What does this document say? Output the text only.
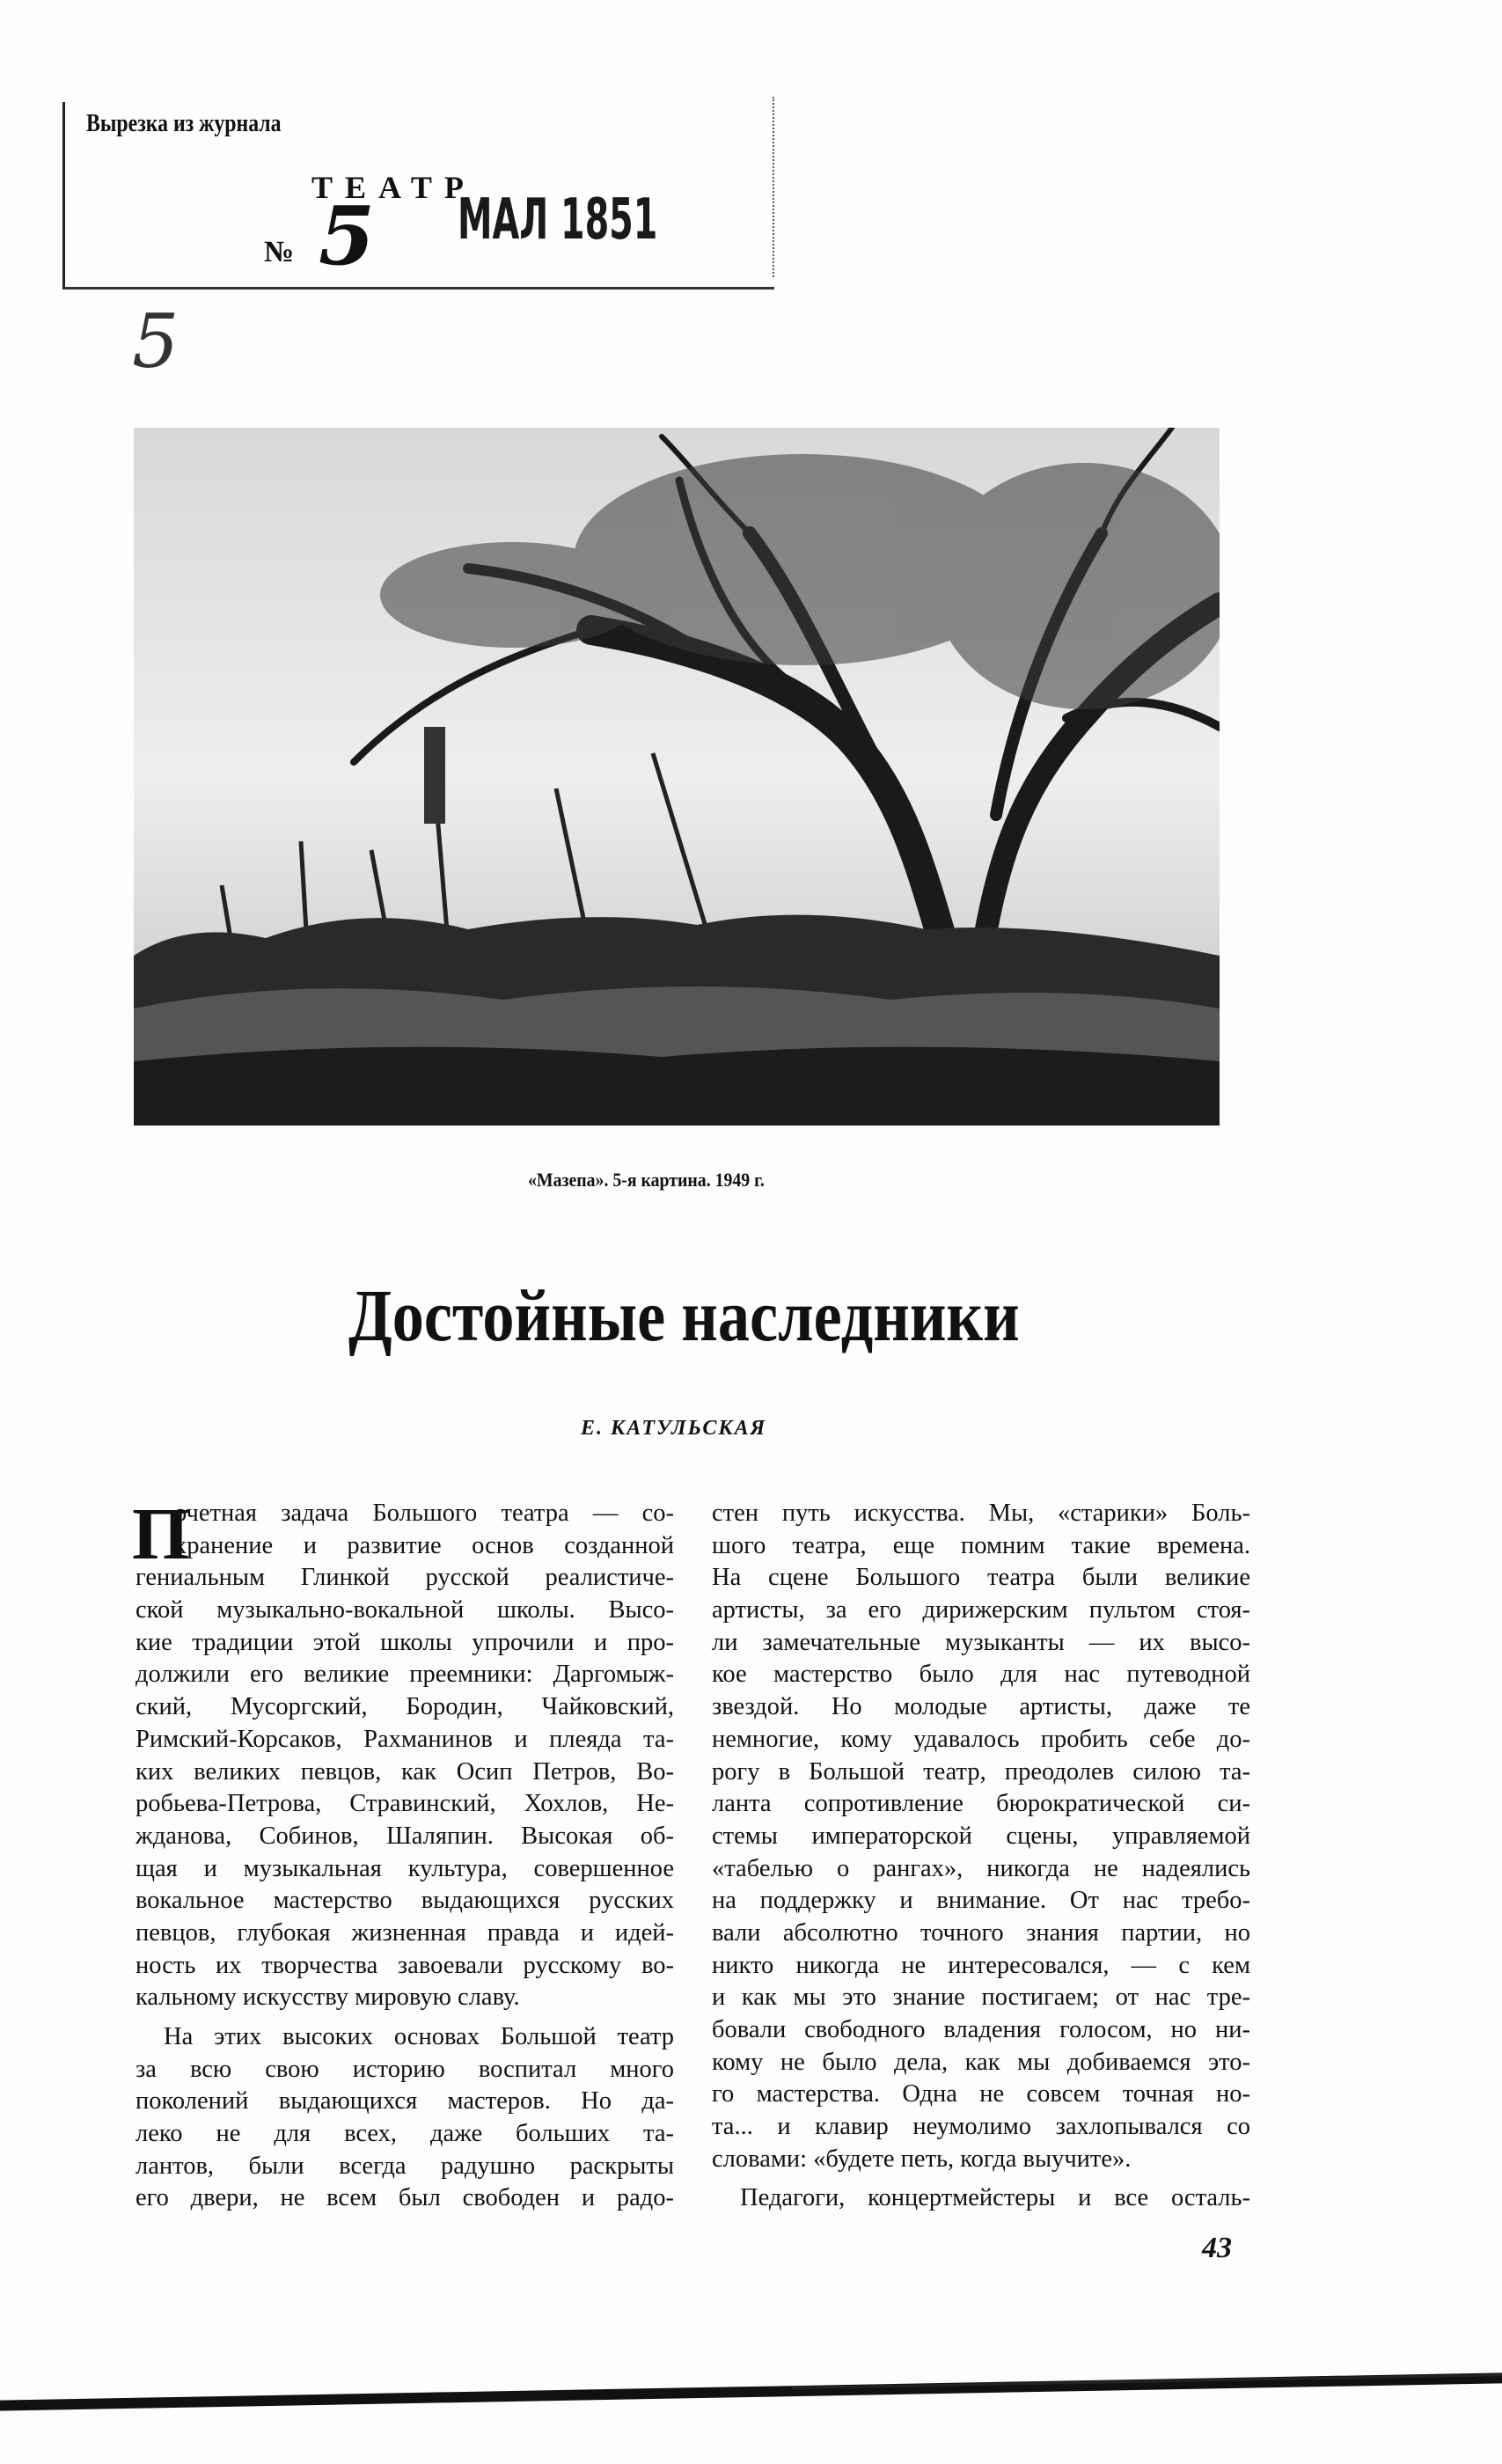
Вырезка из журнала
ТЕАТР
№ 5 МАЛ 1851
5
«Мазепа». 5-я картина. 1949 г.
Достойные наследники
Е. КАТУЛЬСКАЯ
П
очетная задача Большого театра — со-
хранение и развитие основ созданной
гениальным Глинкой русской реалистиче-
ской музыкально-вокальной школы. Высо-
кие традиции этой школы упрочили и про-
должили его великие преемники: Даргомыж-
ский, Мусоргский, Бородин, Чайковский,
Римский-Корсаков, Рахманинов и плеяда та-
ких великих певцов, как Осип Петров, Во-
робьева-Петрова, Стравинский, Хохлов, Не-
жданова, Собинов, Шаляпин. Высокая об-
щая и музыкальная культура, совершенное
вокальное мастерство выдающихся русских
певцов, глубокая жизненная правда и идей-
ность их творчества завоевали русскому во-
кальному искусству мировую славу.
На этих высоких основах Большой театр
за всю свою историю воспитал много
поколений выдающихся мастеров. Но да-
леко не для всех, даже больших та-
лантов, были всегда радушно раскрыты
его двери, не всем был свободен и радо-
стен путь искусства. Мы, «старики» Боль-
шого театра, еще помним такие времена.
На сцене Большого театра были великие
артисты, за его дирижерским пультом стоя-
ли замечательные музыканты — их высо-
кое мастерство было для нас путеводной
звездой. Но молодые артисты, даже те
немногие, кому удавалось пробить себе до-
рогу в Большой театр, преодолев силою та-
ланта сопротивление бюрократической си-
стемы императорской сцены, управляемой
«табелью о рангах», никогда не надеялись
на поддержку и внимание. От нас требо-
вали абсолютно точного знания партии, но
никто никогда не интересовался, — с кем
и как мы это знание постигаем; от нас тре-
бовали свободного владения голосом, но ни-
кому не было дела, как мы добиваемся это-
го мастерства. Одна не совсем точная но-
та... и клавир неумолимо захлопывался со
словами: «будете петь, когда выучите».
Педагоги, концертмейстеры и все осталь-
43
